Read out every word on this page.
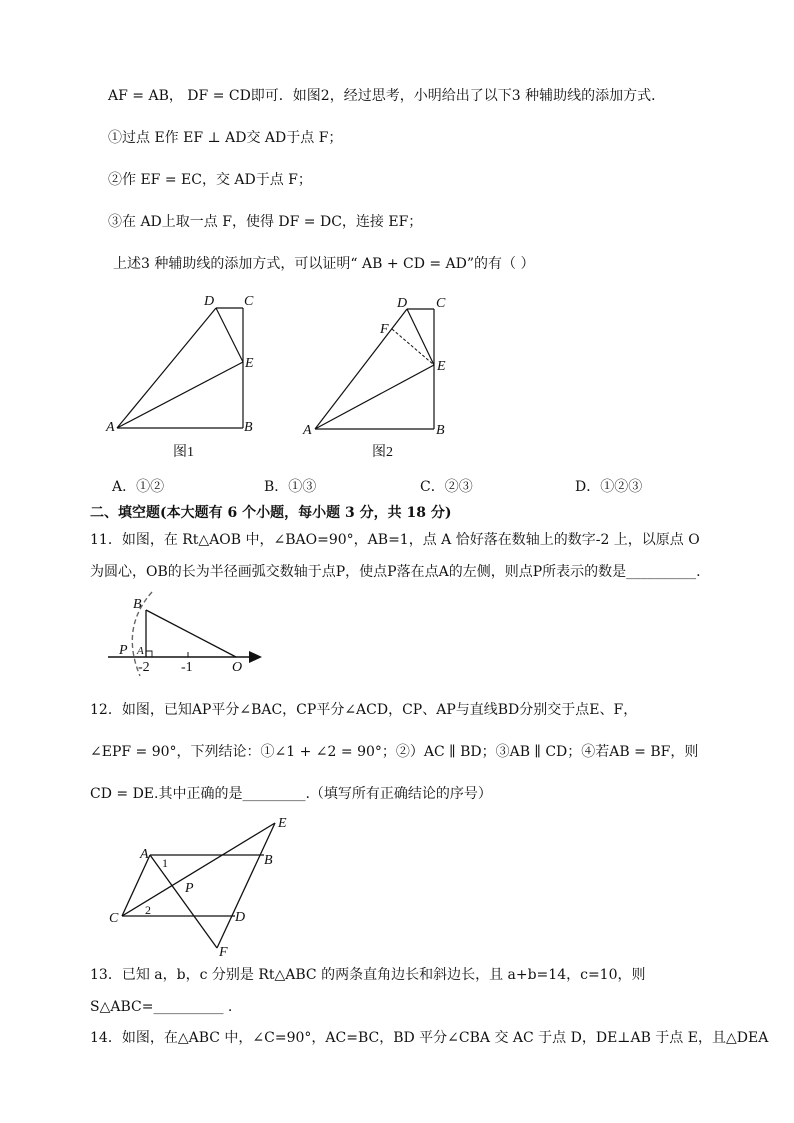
AF = AB， DF = CD即可．如图2，经过思考，小明给出了以下3 种辅助线的添加方式．
①过点 E作 EF ⊥ AD交 AD于点 F；
②作 EF = EC，交 AD于点 F；
③在 AD上取一点 F，使得 DF = DC，连接 EF；
上述3 种辅助线的添加方式，可以证明“ AB + CD = AD”的有（ ）
D C
E
A	B
图1
D C
F
E
A	B
图2
A．①②	B．①③	C．②③	D．①②③
二、填空题(本大题有 6 个小题，每小题 3 分，共 18 分)
11．如图，在 Rt△AOB 中，∠BAO=90°，AB=1，点 A 恰好落在数轴上的数字-2 上，以原点 O
为圆心，OB的长为半径画弧交数轴于点P，使点P落在点A的左侧，则点P所表示的数是__________.
B
P A
O
-2 -1
12．如图，已知AP平分∠BAC，CP平分∠ACD，CP、AP与直线BD分别交于点E、F，
∠EPF = 90°，下列结论：①∠1 + ∠2 = 90°；②）AC ∥ BD；③AB ∥ CD；④若AB = BF，则
CD = DE.其中正确的是_________.（填写所有正确结论的序号）
E
A
1	B
P
C
2	D
F
13．已知 a，b，c 分别是 Rt△ABC 的两条直角边长和斜边长，且 a+b=14，c=10，则
S△ABC=__________ .
14．如图，在△ABC 中，∠C=90°，AC=BC，BD 平分∠CBA 交 AC 于点 D，DE⊥AB 于点 E，且△DEA
